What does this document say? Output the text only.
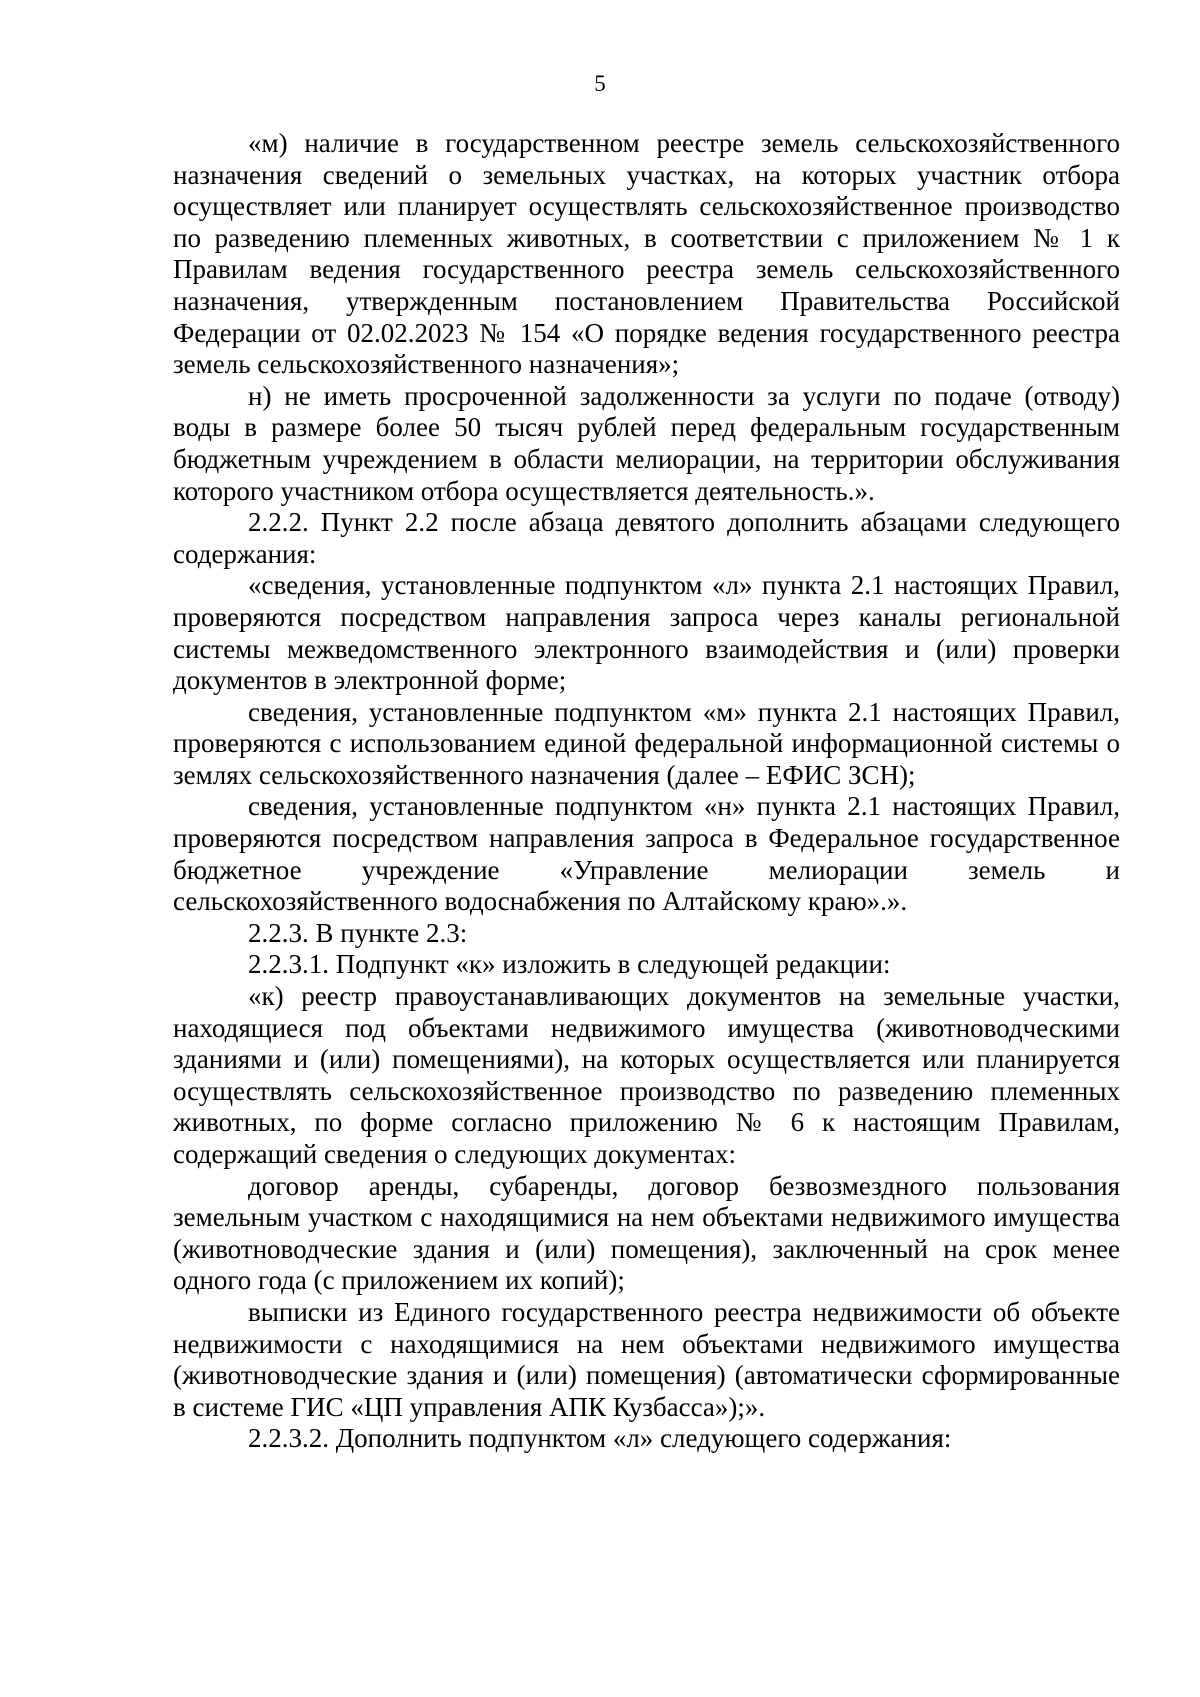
5

«м) наличие в государственном реестре земель сельскохозяйственного назначения сведений о земельных участках, на которых участник отбора осуществляет или планирует осуществлять сельскохозяйственное производство по разведению племенных животных, в соответствии с приложением № 1 к Правилам ведения государственного реестра земель сельскохозяйственного назначения, утвержденным постановлением Правительства Российской Федерации от 02.02.2023 № 154 «О порядке ведения государственного реестра земель сельскохозяйственного назначения»;

н) не иметь просроченной задолженности за услуги по подаче (отводу) воды в размере более 50 тысяч рублей перед федеральным государственным бюджетным учреждением в области мелиорации, на территории обслуживания которого участником отбора осуществляется деятельность.».

2.2.2. Пункт 2.2 после абзаца девятого дополнить абзацами следующего содержания:

«сведения, установленные подпунктом «л» пункта 2.1 настоящих Правил, проверяются посредством направления запроса через каналы региональной системы межведомственного электронного взаимодействия и (или) проверки документов в электронной форме;

сведения, установленные подпунктом «м» пункта 2.1 настоящих Правил, проверяются с использованием единой федеральной информационной системы о землях сельскохозяйственного назначения (далее – ЕФИС ЗСН);

сведения, установленные подпунктом «н» пункта 2.1 настоящих Правил, проверяются посредством направления запроса в Федеральное государственное бюджетное учреждение «Управление мелиорации земель и сельскохозяйственного водоснабжения по Алтайскому краю».».

2.2.3. В пункте 2.3:

2.2.3.1. Подпункт «к» изложить в следующей редакции:

«к) реестр правоустанавливающих документов на земельные участки, находящиеся под объектами недвижимого имущества (животноводческими зданиями и (или) помещениями), на которых осуществляется или планируется осуществлять сельскохозяйственное производство по разведению племенных животных, по форме согласно приложению № 6 к настоящим Правилам, содержащий сведения о следующих документах:

договор аренды, субаренды, договор безвозмездного пользования земельным участком с находящимися на нем объектами недвижимого имущества (животноводческие здания и (или) помещения), заключенный на срок менее одного года (с приложением их копий);

выписки из Единого государственного реестра недвижимости об объекте недвижимости с находящимися на нем объектами недвижимого имущества (животноводческие здания и (или) помещения) (автоматически сформированные в системе ГИС «ЦП управления АПК Кузбасса»);».

2.2.3.2. Дополнить подпунктом «л» следующего содержания:
